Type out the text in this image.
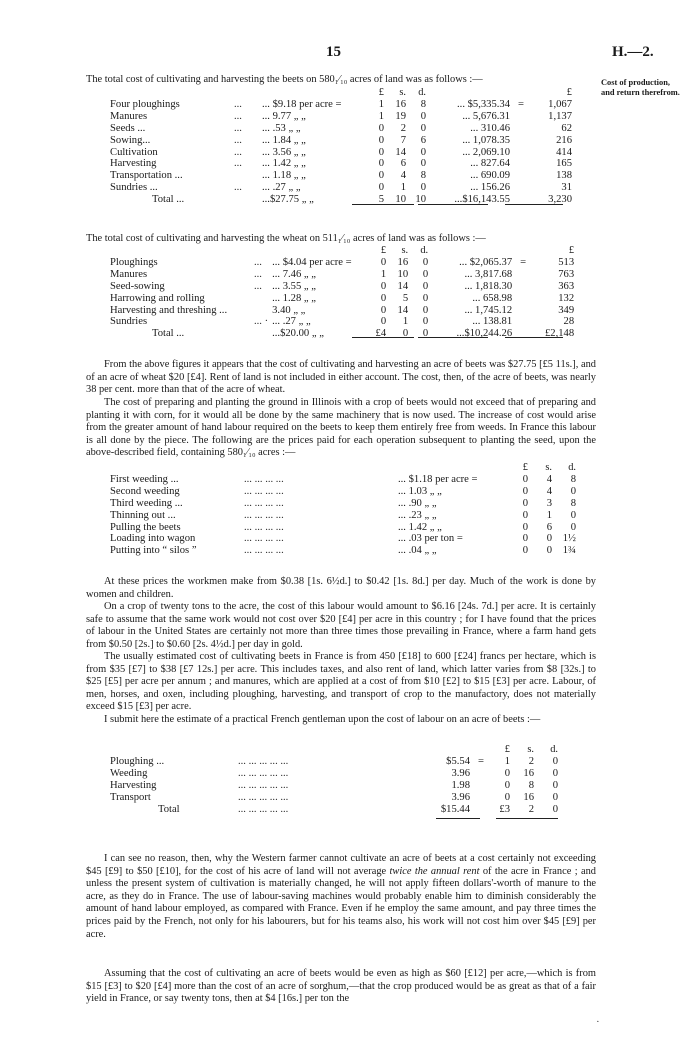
15	H.—2.
Cost of production, and return therefrom.

The total cost of cultivating and harvesting the beets on 580₁⁄₁₀ acres of land was as follows :—

			£	s.	d.			£
Four ploughings	...	... $9.18 per acre =	1	16	8	... $5,335.34	=	1,067
Manures	...	... 9.77 „ „	1	19	0	... 5,676.31		1,137
Seeds ...	...	... .53 „ „	0	2	0	... 310.46		62
Sowing...	...	... 1.84 „ „	0	7	6	... 1,078.35		216
Cultivation	...	... 3.56 „ „	0	14	0	... 2,069.10		414
Harvesting	...	... 1.42 „ „	0	6	0	... 827.64		165
Transportation ...		... 1.18 „ „	0	4	8	... 690.09		138
Sundries ...	...	... .27 „ „	0	1	0	... 156.26		31
Total ...		...$27.75 „ „	5	10	10	...$16,143.55		3,230

The total cost of cultivating and harvesting the wheat on 511₁⁄₁₀ acres of land was as follows :—

			£	s.	d.			£
Ploughings	...	... $4.04 per acre =	0	16	0	... $2,065.37	=	513
Manures	...	... 7.46 „ „	1	10	0	... 3,817.68		763
Seed-sowing	...	... 3.55 „ „	0	14	0	... 1,818.30		363
Harrowing and rolling		... 1.28 „ „	0	5	0	... 658.98		132
Harvesting and threshing ...		3.40 „ „	0	14	0	... 1,745.12		349
Sundries	... ·	... .27 „ „	0	1	0	... 138.81		28
Total ...		...$20.00 „ „	£4	0	0	...$10,244.26		£2,148

From the above figures it appears that the cost of cultivating and harvesting an acre of beets was $27.75 [£5 11s.], and of an acre of wheat $20 [£4]. Rent of land is not included in either account. The cost, then, of the acre of beets, was nearly 38 per cent. more than that of the acre of wheat.

The cost of preparing and planting the ground in Illinois with a crop of beets would not exceed that of preparing and planting it with corn, for it would all be done by the same machinery that is now used. The increase of cost would arise from the greater amount of hand labour required on the beets to keep them entirely free from weeds. In France this labour is all done by the piece. The following are the prices paid for each operation subsequent to planting the seed, upon the above-described field, containing 580₁⁄₁₀ acres :—

			£	s.	d.
First weeding ...	... ... ... ...	... $1.18 per acre =	0	4	8
Second weeding	... ... ... ...	... 1.03 „ „	0	4	0
Third weeding ...	... ... ... ...	... .90 „ „	0	3	8
Thinning out ...	... ... ... ...	... .23 „ „	0	1	0
Pulling the beets	... ... ... ...	... 1.42 „ „	0	6	0
Loading into wagon	... ... ... ...	... .03 per ton =	0	0	1½
Putting into “ silos ”	... ... ... ...	... .04 „ „	0	0	1¾

At these prices the workmen make from $0.38 [1s. 6½d.] to $0.42 [1s. 8d.] per day. Much of the work is done by women and children.

On a crop of twenty tons to the acre, the cost of this labour would amount to $6.16 [24s. 7d.] per acre. It is certainly safe to assume that the same work would not cost over $20 [£4] per acre in this country ; for I have found that the prices of labour in the United States are certainly not more than three times those prevailing in France, where a farm hand gets from $0.50 [2s.] to $0.60 [2s. 4½d.] per day in gold.

The usually estimated cost of cultivating beets in France is from 450 [£18] to 600 [£24] francs per hectare, which is from $35 [£7] to $38 [£7 12s.] per acre. This includes taxes, and also rent of land, which latter varies from $8 [32s.] to $25 [£5] per acre per annum ; and manures, which are applied at a cost of from $10 [£2] to $15 [£3] per acre. Labour, of men, horses, and oxen, including ploughing, harvesting, and transport of crop to the manufactory, does not materially exceed $15 [£3] per acre.

I submit here the estimate of a practical French gentleman upon the cost of labour on an acre of beets :—

				£	s.	d.
Ploughing ...	... ... ... ... ...	$5.54	=	1	2	0
Weeding	... ... ... ... ...	3.96		0	16	0
Harvesting	... ... ... ... ...	1.98		0	8	0
Transport	... ... ... ... ...	3.96		0	16	0
Total	... ... ... ... ...	$15.44		£3	2	0

I can see no reason, then, why the Western farmer cannot cultivate an acre of beets at a cost certainly not exceeding $45 [£9] to $50 [£10], for the cost of his acre of land will not average twice the annual rent of the acre in France ; and unless the present system of cultivation is materially changed, he will not apply fifteen dollars'-worth of manure to the acre, as they do in France. The use of labour-saving machines would probably enable him to diminish considerably the amount of hand labour employed, as compared with France. Even if he employ the same amount, and pay three times the prices paid by the French, not only for his labourers, but for his teams also, his work will not cost him over $45 [£9] per acre.

Assuming that the cost of cultivating an acre of beets would be even as high as $60 [£12] per acre,—which is from $15 [£3] to $20 [£4] more than the cost of an acre of sorghum,—that the crop produced would be as great as that of a fair yield in France, or say twenty tons, then at $4 [16s.] per ton the

·
